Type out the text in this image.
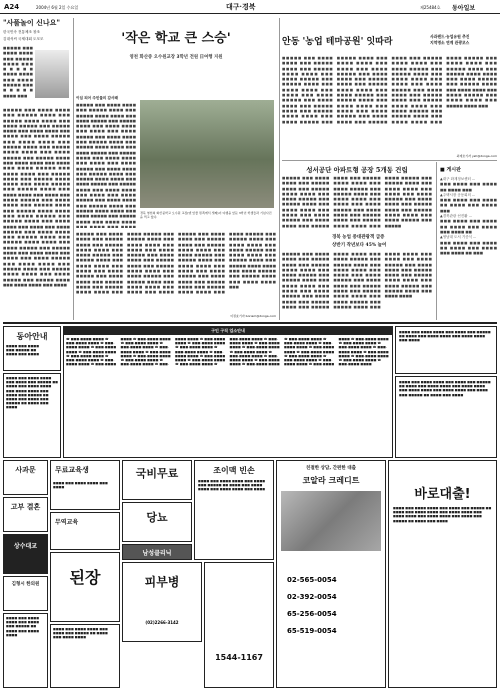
A24	2004년 6월 2일 수요일	대구·경북	제25484호 동아일보
"사풀놀이 신나요"
한국민속 전통체조 창조
김대석씨 국제대회 도모모
■■■■■ ■■■ ■■■■ ■■■■ ■■■ ■■■■■ ■■■■ ■■■ ■■■■■ ■■■■ ■■■■ ■■■ ■■■■ ■■■■■ ■■■ ■■■■■ ■■■■ ■■■
■■■■■ ■■■ ■■■■ ■■■■ ■■■ ■■■■■ ■■■■ ■■■ ■■■■■ ■■■■ ■■■■ ■■■ ■■■■ ■■■■■ ■■■ ■■■■■ ■■■■ ■■■ ■■■■ ■■■■ ■■■ ■■■■ ■■■ ■■■■ ■■■■■ ■■■ ■■■■ ■■■■ ■■■ ■■■■■ ■■■■ ■■■ ■■■■■ ■■■■ ■■■■ ■■■ ■■■■ ■■■■■ ■■■ ■■■■■ ■■■■ ■■■ ■■■■ ■■■■ ■■■ ■■■■ ■■■ ■■■■ ■■■■■ ■■■ ■■■■ ■■■■ ■■■ ■■■■■ ■■■■ ■■■ ■■■■■ ■■■■ ■■■■ ■■■ ■■■■ ■■■■■ ■■■ ■■■■■ ■■■■ ■■■ ■■■■ ■■■■ ■■■ ■■■■ ■■■ ■■■■ ■■■■■ ■■■ ■■■■ ■■■■ ■■■ ■■■■■ ■■■■ ■■■ ■■■■■ ■■■■ ■■■■ ■■■ ■■■■ ■■■■■ ■■■ ■■■■■ ■■■■ ■■■ ■■■■ ■■■■ ■■■ ■■■■ ■■■ ■■■■ ■■■■■ ■■■ ■■■■ ■■■■ ■■■ ■■■■■ ■■■■ ■■■ ■■■■■ ■■■■ ■■■■ ■■■ ■■■■ ■■■■■ ■■■ ■■■■■ ■■■■ ■■■ ■■■■ ■■■■ ■■■ ■■■■ ■■■ ■■■■ ■■■■■ ■■■ ■■■■ ■■■■ ■■■ ■■■■■ ■■■■ ■■■ ■■■■■ ■■■■ ■■■■ ■■■ ■■■■ ■■■■■ ■■■ ■■■■■ ■■■■ ■■■ ■■■■ ■■■■ ■■■ ■■■■
'작은 학교 큰 스승'
영천 화산중 오수원교장 3학년 전원 日여행 지원
이임 되어 주민들의 감사패
■■■■■ ■■■ ■■■■ ■■■■ ■■■ ■■■■■ ■■■■ ■■■ ■■■■■ ■■■■ ■■■■ ■■■ ■■■■ ■■■■■ ■■■ ■■■■■ ■■■■ ■■■ ■■■■ ■■■■ ■■■ ■■■■ ■■■ ■■■■ ■■■■■ ■■■ ■■■■ ■■■■ ■■■ ■■■■■ ■■■■ ■■■ ■■■■■ ■■■■ ■■■■ ■■■ ■■■■ ■■■■■ ■■■ ■■■■■ ■■■■ ■■■ ■■■■ ■■■■ ■■■ ■■■■ ■■■ ■■■■ ■■■■■ ■■■ ■■■■ ■■■■ ■■■ ■■■■■ ■■■■ ■■■ ■■■■■ ■■■■ ■■■■ ■■■ ■■■■ ■■■■■ ■■■ ■■■■■ ■■■■ ■■■ ■■■■ ■■■■ ■■■ ■■■■ ■■■ ■■■■ ■■■■■ ■■■ ■■■■ ■■■■ ■■■ ■■■■■ ■■■■ ■■■ ■■■■■ ■■■■ ■■■■ ■■■ ■■■■ ■■■■■ ■■■ ■■■■■ ■■■■ ■■■ ■■■■ ■■■■ ■■■ ■■■■ ■■■ ■■■■
경북 영천의 화산중학교 오수원 교장(맨 앞줄 왼쪽에서 셋째)이 여행을 앞둔 3학년 학생들과 기념사진을 찍고 있다.
■■■■■ ■■■ ■■■■ ■■■■ ■■■ ■■■■■ ■■■■ ■■■ ■■■■■ ■■■■ ■■■■ ■■■ ■■■■ ■■■■■ ■■■ ■■■■■ ■■■■ ■■■ ■■■■ ■■■■ ■■■ ■■■■ ■■■ ■■■■ ■■■■■ ■■■ ■■■■ ■■■■ ■■■ ■■■■■ ■■■■ ■■■ ■■■■■ ■■■■ ■■■■ ■■■ ■■■■ ■■■■■ ■■■ ■■■■■ ■■■■ ■■■ ■■■■ ■■■■ ■■■ ■■■■ ■■■ ■■■■ ■■■■■ ■■■ ■■■■ ■■■■ ■■■ ■■■■■ ■■■■ ■■■ ■■■■■ ■■■■ ■■■■ ■■■ ■■■■ ■■■■■ ■■■ ■■■■■ ■■■■ ■■■ ■■■■ ■■■■ ■■■ ■■■■ ■■■ ■■■■ ■■■■■ ■■■ ■■■■ ■■■■ ■■■ ■■■■■ ■■■■ ■■■ ■■■■■ ■■■■ ■■■■ ■■■ ■■■■ ■■■■■ ■■■ ■■■■■ ■■■■ ■■■ ■■■■ ■■■■ ■■■ ■■■■ ■■■ ■■■■ ■■■■■ ■■■ ■■■■ ■■■■ ■■■ ■■■■■ ■■■■ ■■■ ■■■■■ ■■■■ ■■■■ ■■■ ■■■■ ■■■■■ ■■■ ■■■■■ ■■■■ ■■■ ■■■■ ■■■■ ■■■ ■■■■ ■■■■■ ■■■ ■■■■ ■■■■ ■■■ ■■■■■ ■■■■ ■■■ ■■■■■ ■■■■ ■■■■ ■■■ ■■■■ ■■■■■ ■■■ ■■■■■ ■■■■ ■■■ ■■■■ ■■■■ ■■■
이권효기자 boriam@donga.com
안동 '농업 테마공원' 잇따라
사과랜드·농업유원 추진
지역명소 연계 관광코스
■■■■■ ■■■ ■■■■ ■■■■ ■■■ ■■■■■ ■■■■ ■■■ ■■■■■ ■■■■ ■■■■ ■■■ ■■■■ ■■■■■ ■■■ ■■■■■ ■■■■ ■■■ ■■■■ ■■■■ ■■■ ■■■■ ■■■ ■■■■ ■■■■■ ■■■ ■■■■ ■■■■ ■■■ ■■■■■ ■■■■ ■■■ ■■■■■ ■■■■ ■■■■ ■■■ ■■■■ ■■■■■ ■■■ ■■■■■ ■■■■ ■■■ ■■■■ ■■■■ ■■■ ■■■■ ■■■ ■■■■ ■■■■■ ■■■ ■■■■ ■■■■ ■■■ ■■■■■ ■■■■ ■■■ ■■■■■ ■■■■ ■■■■ ■■■ ■■■■ ■■■■■ ■■■ ■■■■■ ■■■■ ■■■ ■■■■ ■■■■ ■■■ ■■■■ ■■■ ■■■■ ■■■■■ ■■■ ■■■■ ■■■■ ■■■ ■■■■■ ■■■■ ■■■ ■■■■■ ■■■■ ■■■■ ■■■ ■■■■ ■■■■■ ■■■ ■■■■■ ■■■■ ■■■ ■■■■ ■■■■ ■■■ ■■■■ ■■■ ■■■■ ■■■■■ ■■■ ■■■■ ■■■■ ■■■ ■■■■■ ■■■■ ■■■ ■■■■■ ■■■■ ■■■■ ■■■ ■■■■ ■■■■■ ■■■ ■■■■■ ■■■■ ■■■ ■■■■ ■■■■ ■■■ ■■■■ ■■■■■ ■■■ ■■■■ ■■■■ ■■■ ■■■■■ ■■■■ ■■■ ■■■■■ ■■■■ ■■■■ ■■■ ■■■■ ■■■■■ ■■■ ■■■■■ ■■■■ ■■■ ■■■■ ■■■■ ■■■ ■■■■ ■■■■■ ■■■ ■■■■ ■■■■ ■■■ ■■■■■ ■■■■ ■■■
최재호기자 ysh@donga.com
성서공단 아파트형 공장 5개동 건립
■■■■■ ■■■ ■■■■ ■■■■ ■■■ ■■■■■ ■■■■ ■■■ ■■■■■ ■■■■ ■■■■ ■■■ ■■■■ ■■■■■ ■■■ ■■■■■ ■■■■ ■■■ ■■■■ ■■■■ ■■■ ■■■■ ■■■ ■■■■ ■■■■■ ■■■ ■■■■ ■■■■ ■■■ ■■■■■ ■■■■ ■■■ ■■■■■ ■■■■ ■■■■ ■■■ ■■■■ ■■■■■ ■■■ ■■■■■ ■■■■ ■■■ ■■■■ ■■■■ ■■■ ■■■■ ■■■ ■■■■ ■■■■■ ■■■ ■■■■ ■■■■ ■■■ ■■■■■ ■■■■ ■■■ ■■■■■ ■■■■ ■■■■ ■■■ ■■■■ ■■■■■ ■■■ ■■■■■ ■■■■ ■■■ ■■■■ ■■■■ ■■■ ■■■■ ■■■ ■■■■ ■■■■■ ■■■ ■■■■ ■■■■ ■■■ ■■■■■ ■■■■ ■■■ ■■■■■ ■■■■ ■■■■ ■■■ ■■■■ ■■■■■ ■■■ ■■■■■
경북 농업 중대관광객 급증
상반기 작년보다 45% 늘어
■■■■■ ■■■ ■■■■ ■■■■ ■■■ ■■■■■ ■■■■ ■■■ ■■■■■ ■■■■ ■■■■ ■■■ ■■■■ ■■■■■ ■■■ ■■■■■ ■■■■ ■■■ ■■■■ ■■■■ ■■■ ■■■■ ■■■ ■■■■ ■■■■■ ■■■ ■■■■ ■■■■ ■■■ ■■■■■ ■■■■ ■■■ ■■■■■ ■■■■ ■■■■ ■■■ ■■■■ ■■■■■ ■■■ ■■■■■ ■■■■ ■■■ ■■■■ ■■■■ ■■■ ■■■■ ■■■ ■■■■ ■■■■■ ■■■ ■■■■ ■■■■ ■■■ ■■■■■ ■■■■ ■■■ ■■■■■ ■■■■ ■■■■ ■■■ ■■■■ ■■■■■ ■■■ ■■■■■ ■■■■ ■■■ ■■■■ ■■■■ ■■■ ■■■■ ■■■ ■■■■ ■■■■■ ■■■ ■■■■ ■■■■ ■■■ ■■■■■ ■■■■ ■■■ ■■■■■ ■■■■ ■■■■ ■■■ ■■■■ ■■■■■ ■■■ ■■■■■ ■■■■ ■■■ ■■■■ ■■■■
■ 게시판
▲대구 화재정보센터 ...
■■■ ■■■■ ■■■ ■■■■ ■■ ■■■■ ■■■
▲주택시장 공동회의 ...
■■■ ■■■■ ■■■ ■■■■ ■■ ■■■■ ■■■ ■■■■ ■■■
▲경북관광 선진활 ...
■■■ ■■■■ ■■■ ■■■■ ■■ ■■■■ ■■■ ■■■■ ■■■ ■■■■ ■■
▲영남대 도서 기증식 ...
■■■ ■■■■ ■■■ ■■■■ ■■ ■■■■ ■■■ ■■■■ ■■■ ■■■■ ■■ ■■■
동아안내
■■■■ ■■■ ■■■■
■■■ ■■■■■ ■■
■■■■ ■■■ ■■■■
■■■■ ■■■ ■■■■ ■■■■ ■■■ ■■■■ ■■■ ■■■■■ ■■ ■■■■ ■■■ ■■■■ ■■■■ ■■■ ■■■■ ■■■■ ■■■ ■■■■ ■■■ ■■■■■ ■■ ■■■■ ■■■ ■■■■ ■■■ ■■■■■ ■■ ■■■■ ■■■ ■■■■
사과문
고부 결혼
상수대교
김형시 한의원
■■■■ ■■■ ■■■■ ■■■■ ■■■ ■■■■ ■■■ ■■■■■ ■■ ■■■■ ■■■ ■■■■ ■■■■
무료교육생
■■■■ ■■■ ■■■■ ■■■■ ■■■ ■■■■
무역교육
된장
■■■■ ■■■ ■■■■ ■■■■ ■■■ ■■■■ ■■■ ■■■■■ ■■ ■■■■ ■■■ ■■■■ ■■■■
구인 구직 업소안내
☎ ■■■-■■■■ ■■■■ ☎ ■■■-■■■■ ■■■■ ☎ ■■■-■■■■ ■■■■ ☎ ■■■-■■■■ ■■■■ ☎ ■■■-■■■■ ■■■■ ☎ ■■■-■■■■ ■■■■ ☎ ■■■-■■■■ ■■■■ ☎ ■■■-■■■■ ■■■■ ☎ ■■■-■■■■ ■■■■ ☎ ■■■-■■■■ ■■■■ ☎ ■■■-■■■■ ■■■■ ☎ ■■■-■■■■ ■■■■ ☎ ■■■-■■■■ ■■■■ ☎ ■■■-■■■■ ■■■■ ☎ ■■■-■■■■ ■■■■ ☎ ■■■-■■■■ ■■■■ ☎ ■■■-■■■■ ■■■■ ☎ ■■■-■■■■ ■■■■ ☎ ■■■-■■■■ ■■■■ ☎ ■■■-■■■■ ■■■■ ☎ ■■■-■■■■ ■■■■ ☎ ■■■-■■■■ ■■■■ ☎ ■■■-■■■■ ■■■■ ☎ ■■■-■■■■ ■■■■ ☎ ■■■-■■■■ ■■■■ ☎ ■■■-■■■■ ■■■■ ☎ ■■■-■■■■ ■■■■ ☎ ■■■-■■■■ ■■■■ ☎ ■■■-■■■■ ■■■■ ☎ ■■■-■■■■ ■■■■ ☎ ■■■-■■■■ ■■■■ ☎ ■■■-■■■■ ■■■■ ☎ ■■■-■■■■ ■■■■ ☎ ■■■-■■■■ ■■■■ ☎ ■■■-■■■■ ■■■■ ☎ ■■■-■■■■ ■■■■ ☎ ■■■-■■■■ ■■■■ ☎ ■■■-■■■■ ■■■■ ☎ ■■■-■■■■ ■■■■ ☎ ■■■-■■■■ ■■■■ ☎ ■■■-■■■■ ■■■■ ☎ ■■■-■■■■ ■■■■ ☎ ■■■-■■■■ ■■■■ ☎ ■■■-■■■■ ■■■■ ☎ ■■■-■■■■ ■■■■ ☎ ■■■-■■■■ ■■■■ ☎ ■■■-■■■■ ■■■■ ☎ ■■■-■■■■ ■■■■ ☎ ■■■-■■■■ ■■■■ ☎ ■■■-■■■■ ■■■■ ☎ ■■■-■■■■ ■■■■ ☎ ■■■-■■■■ ■■■■
■■■■ ■■■ ■■■■ ■■■■ ■■■ ■■■■ ■■■ ■■■■■ ■■ ■■■■ ■■■ ■■■■ ■■■■ ■■■ ■■■■ ■■■■ ■■■ ■■■■
■■■■ ■■■ ■■■■ ■■■■ ■■■ ■■■■ ■■■ ■■■■■ ■■ ■■■■ ■■■ ■■■■ ■■■■ ■■■ ■■■■ ■■■■ ■■■ ■■■■ ■■■■ ■■■ ■■■■ ■■■■ ■■■ ■■■■ ■■■ ■■■■■ ■■ ■■■■ ■■■ ■■■■
국비무료
당뇨
남성클리닉
피부병
(02)2266-3142
조이맥 빈손
■■■■ ■■■ ■■■■ ■■■■ ■■■ ■■■■ ■■■ ■■■■■ ■■ ■■■■ ■■■ ■■■■ ■■■■ ■■■ ■■■■ ■■■■ ■■■ ■■■■
1544-1167
친절한 상담, 간편한 대출
코알라 크레디트
02-565-0054
02-392-0054
65-256-0054
65-519-0054
바로대출!
■■■■ ■■■ ■■■■ ■■■■ ■■■ ■■■■ ■■■ ■■■■■ ■■ ■■■■ ■■■ ■■■■ ■■■■ ■■■ ■■■■ ■■■■ ■■■ ■■■■ ■■■■ ■■■ ■■■■ ■■■■ ■■■ ■■■■ ■■■ ■■■■■ ■■ ■■■■ ■■■ ■■■■
